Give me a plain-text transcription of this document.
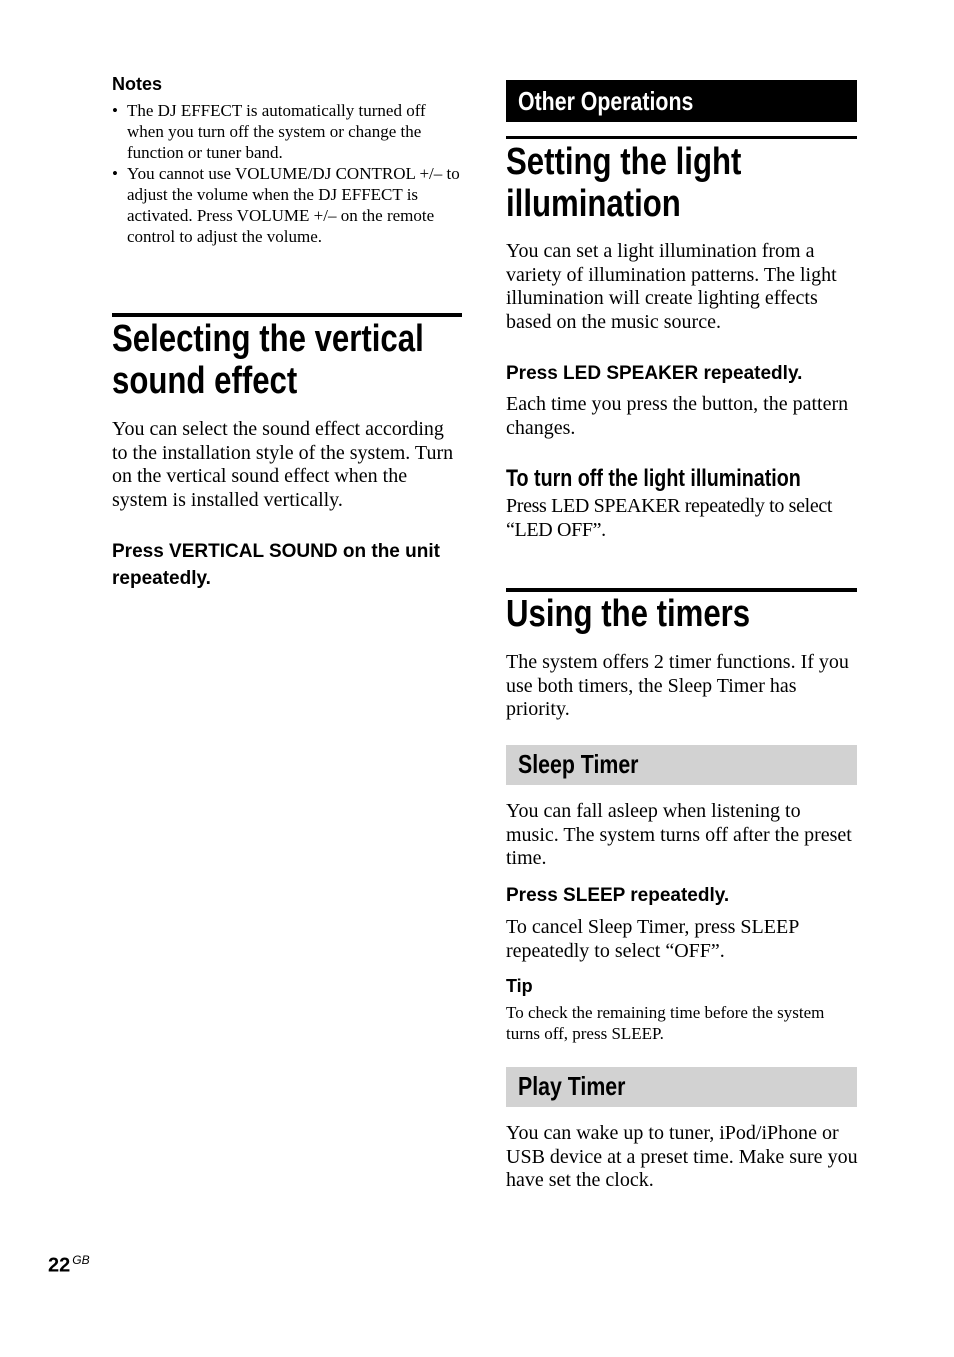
Notes
• The DJ EFFECT is automatically turned off when you turn off the system or change the function or tuner band.
• You cannot use VOLUME/DJ CONTROL +/– to adjust the volume when the DJ EFFECT is activated. Press VOLUME +/– on the remote control to adjust the volume.
Selecting the vertical
sound effect
You can select the sound effect according to the installation style of the system. Turn on the vertical sound effect when the system is installed vertically.
Press VERTICAL SOUND on the unit repeatedly.
Other Operations
Setting the light
illumination
You can set a light illumination from a variety of illumination patterns. The light illumination will create lighting effects based on the music source.
Press LED SPEAKER repeatedly.
Each time you press the button, the pattern changes.
To turn off the light illumination
Press LED SPEAKER repeatedly to select “LED OFF”.
Using the timers
The system offers 2 timer functions. If you use both timers, the Sleep Timer has priority.
Sleep Timer
You can fall asleep when listening to music. The system turns off after the preset time.
Press SLEEP repeatedly.
To cancel Sleep Timer, press SLEEP repeatedly to select “OFF”.
Tip
To check the remaining time before the system turns off, press SLEEP.
Play Timer
You can wake up to tuner, iPod/iPhone or USB device at a preset time. Make sure you have set the clock.
22 $^{GB}$
